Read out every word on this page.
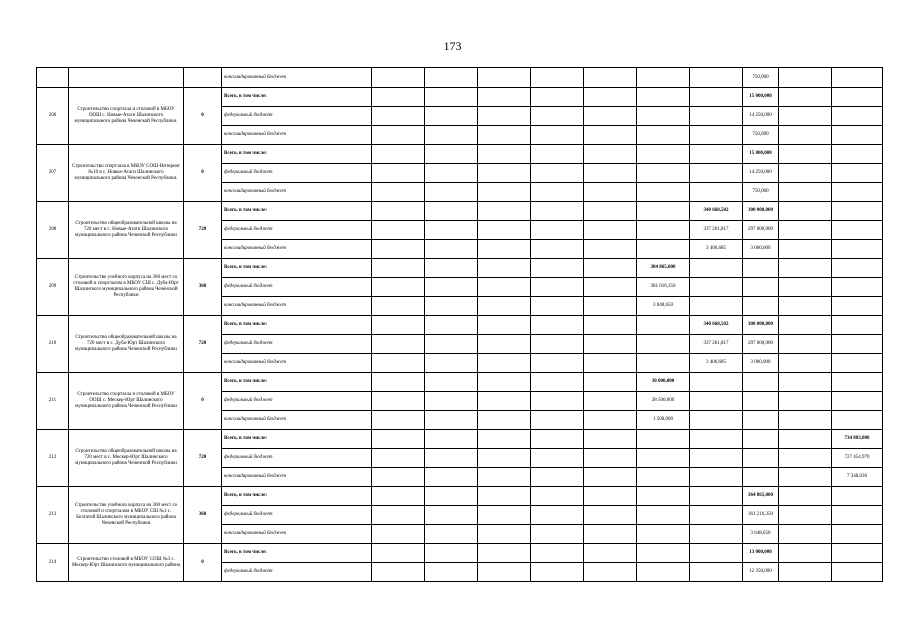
173
			консолидированный бюджет								750,000		
206	Строительство спортзала и столовой в МБОУ ООШ с. Новые-Атаги Шалинского муниципального района Чеченской Республики.	0	Всего, в том числе:								15 000,000		
			федеральный бюджет								14 250,000		
			консолидированный бюджет								750,000		
207	Строительство спортзала в МБОУ СОШ-Интернат №10 в с. Новые-Атаги Шалинского муниципального района Чеченской Республики.	0	Всего, в том числе:								15 000,000		
			федеральный бюджет								14 250,000		
			консолидированный бюджет								750,000		
208	Строительство общеобразовательной школы на 720 мест в с. Новые-Атаги Шалинского муниципального района Чеченской Республики	720	Всего, в том числе:							340 668,502	300 000,000		
			федеральный бюджет							337 261,817	297 000,000		
			консолидированный бюджет							3 406,685	3 000,000		
209	Строительство учебного корпуса на 360 мест со столовой и спортзалом в МБОУ СШ с. Дуба-Юрт Шалинского муниципального района Чеченской Республики	360	Всего, в том числе:						384 865,000				
			федеральный бюджет						381 016,350				
			консолидированный бюджет						3 848,650				
210	Строительство общеобразовательной школы на 720 мест в с. Дуба-Юрт Шалинского муниципального района Чеченской Республики	720	Всего, в том числе:							340 668,502	300 000,000		
			федеральный бюджет							337 261,817	297 000,000		
			консолидированный бюджет							3 406,685	3 000,000		
211	Строительство спортзала и столовой в МБОУ ООШ с. Мескер-Юрт Шалинского муниципального района Чеченской Республики	0	Всего, в том числе:						30 000,000				
			федеральный бюджет						28 500,000				
			консолидированный бюджет						1 500,000				
212	Строительство общеобразовательной школы на 720 мест в с. Мескер-Юрт Шалинского муниципального района Чеченской Республики	720	Всего, в том числе:										734 803,000
			федеральный бюджет										727 454,970
			консолидированный бюджет										7 348,030
213	Строительство учебного корпуса на 360 мест со столовой и спортзалом в МБОУ СШ №1 с. Белгатой Шалинского муниципального района Чеченской Республики	360	Всего, в том числе:								364 865,000		
			федеральный бюджет								361 216,350		
			консолидированный бюджет								3 648,650		
214	Строительство столовой в МБОУ СОШ №3 с. Мескер-Юрт Шалинского муниципального района	0	Всего, в том числе:								13 000,000		
			федеральный бюджет								12 350,000		
